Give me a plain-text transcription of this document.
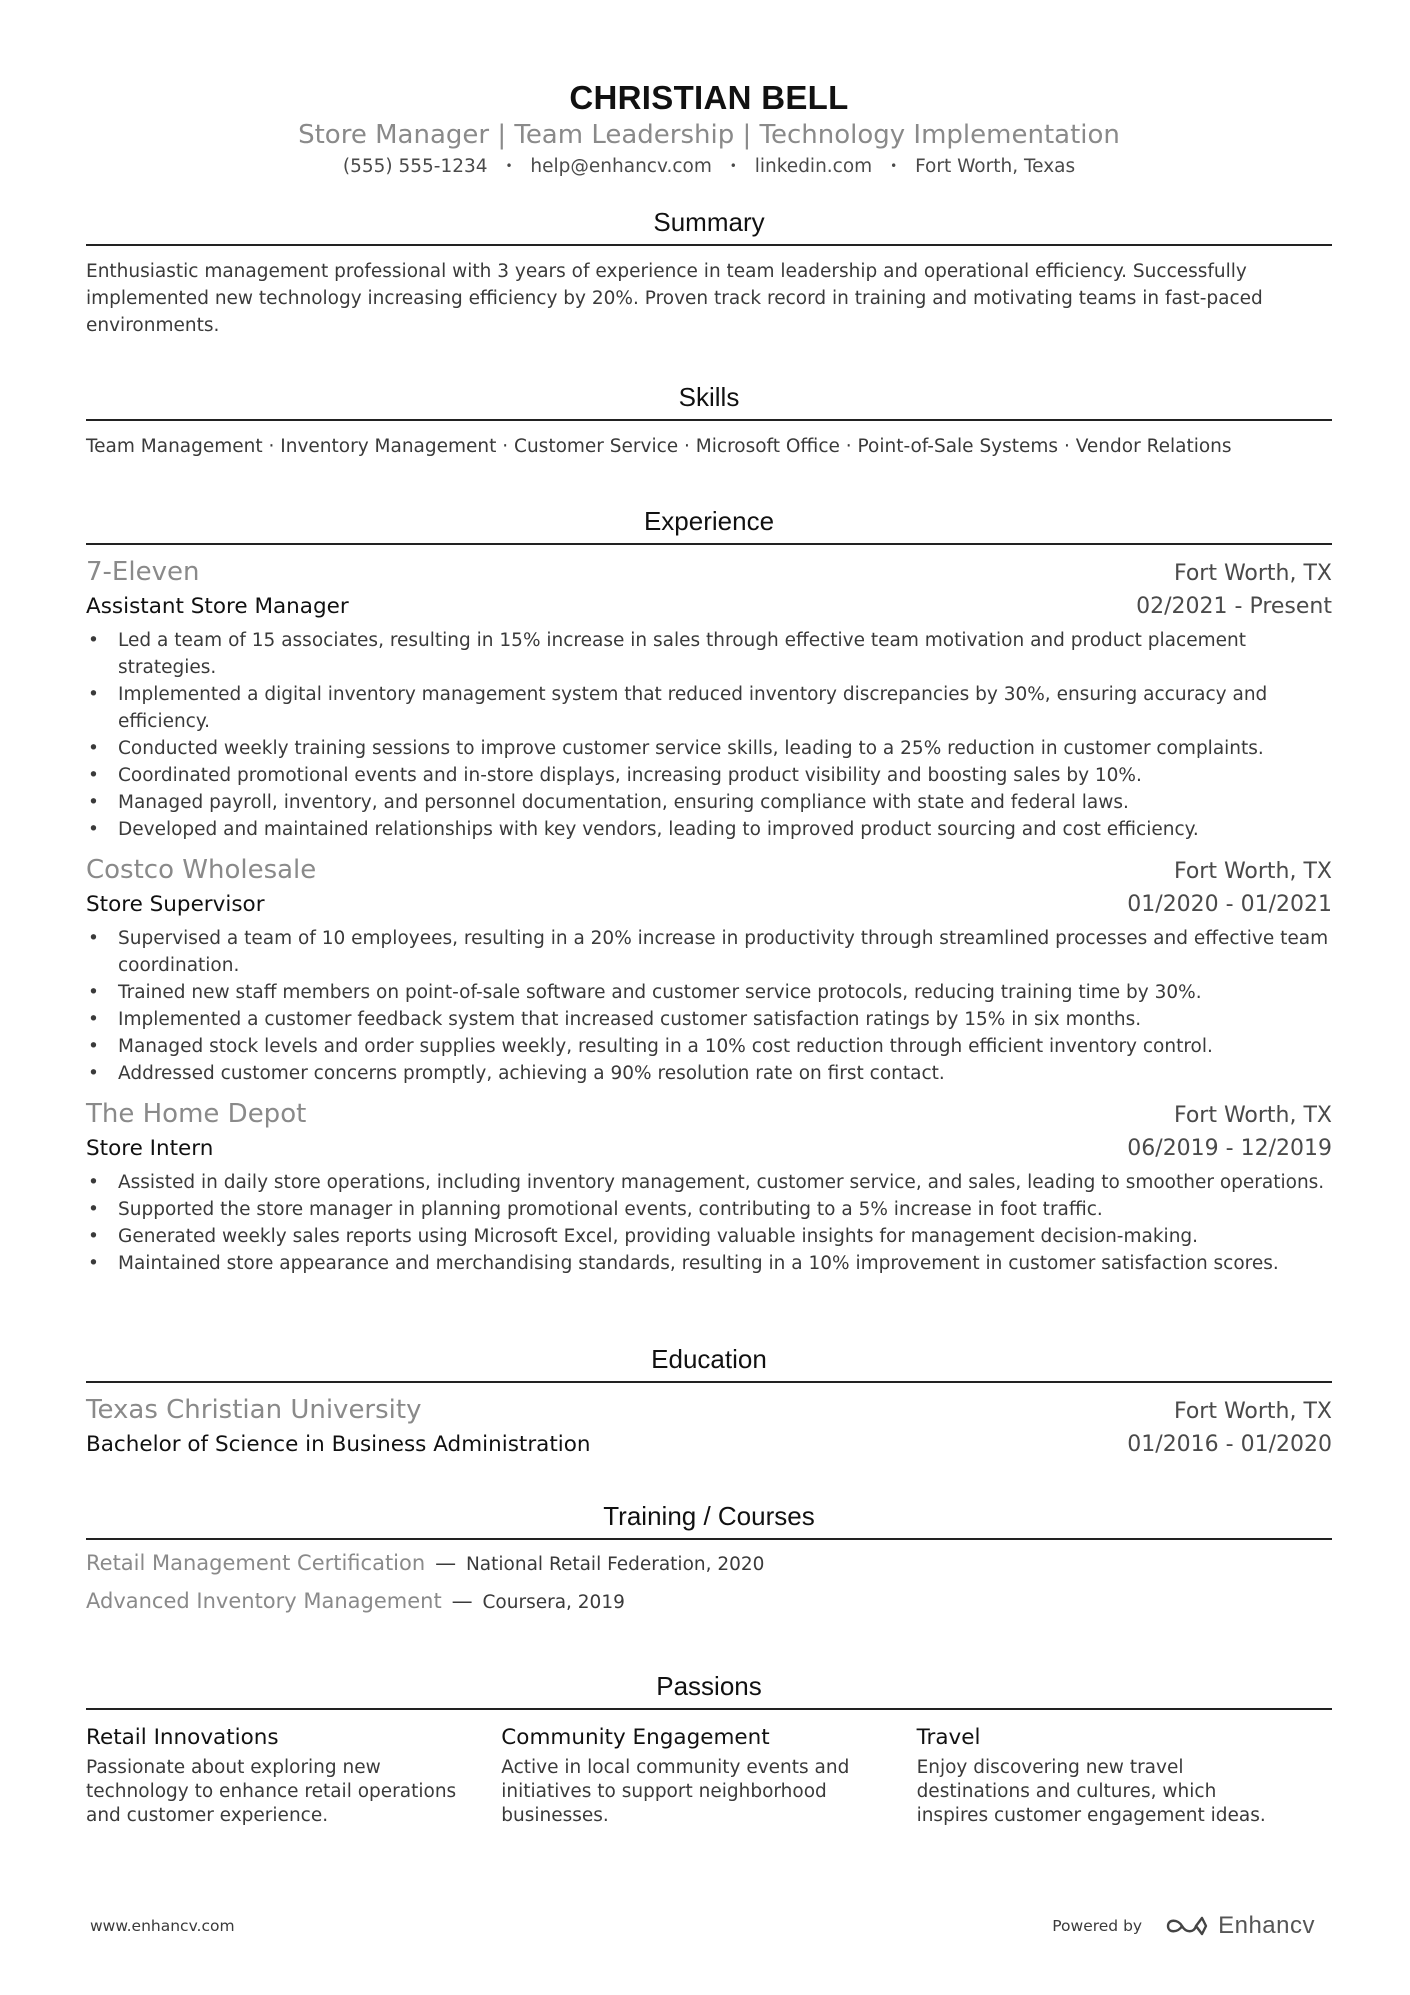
CHRISTIAN BELL
Store Manager | Team Leadership | Technology Implementation
(555) 555-1234 • help@enhancv.com • linkedin.com • Fort Worth, Texas
Summary
Enthusiastic management professional with 3 years of experience in team leadership and operational efficiency. Successfully implemented new technology increasing efficiency by 20%. Proven track record in training and motivating teams in fast-paced environments.
Skills
Team Management · Inventory Management · Customer Service · Microsoft Office · Point-of-Sale Systems · Vendor Relations
Experience
7-Eleven	Fort Worth, TX
Assistant Store Manager	02/2021 - Present
• Led a team of 15 associates, resulting in 15% increase in sales through effective team motivation and product placement strategies.
• Implemented a digital inventory management system that reduced inventory discrepancies by 30%, ensuring accuracy and efficiency.
• Conducted weekly training sessions to improve customer service skills, leading to a 25% reduction in customer complaints.
• Coordinated promotional events and in-store displays, increasing product visibility and boosting sales by 10%.
• Managed payroll, inventory, and personnel documentation, ensuring compliance with state and federal laws.
• Developed and maintained relationships with key vendors, leading to improved product sourcing and cost efficiency.
Costco Wholesale	Fort Worth, TX
Store Supervisor	01/2020 - 01/2021
• Supervised a team of 10 employees, resulting in a 20% increase in productivity through streamlined processes and effective team coordination.
• Trained new staff members on point-of-sale software and customer service protocols, reducing training time by 30%.
• Implemented a customer feedback system that increased customer satisfaction ratings by 15% in six months.
• Managed stock levels and order supplies weekly, resulting in a 10% cost reduction through efficient inventory control.
• Addressed customer concerns promptly, achieving a 90% resolution rate on first contact.
The Home Depot	Fort Worth, TX
Store Intern	06/2019 - 12/2019
• Assisted in daily store operations, including inventory management, customer service, and sales, leading to smoother operations.
• Supported the store manager in planning promotional events, contributing to a 5% increase in foot traffic.
• Generated weekly sales reports using Microsoft Excel, providing valuable insights for management decision-making.
• Maintained store appearance and merchandising standards, resulting in a 10% improvement in customer satisfaction scores.
Education
Texas Christian University	Fort Worth, TX
Bachelor of Science in Business Administration	01/2016 - 01/2020
Training / Courses
Retail Management Certification — National Retail Federation, 2020
Advanced Inventory Management — Coursera, 2019
Passions
Retail Innovations
Passionate about exploring new technology to enhance retail operations and customer experience.
Community Engagement
Active in local community events and initiatives to support neighborhood businesses.
Travel
Enjoy discovering new travel destinations and cultures, which inspires customer engagement ideas.
www.enhancv.com	Powered by	Enhancv
